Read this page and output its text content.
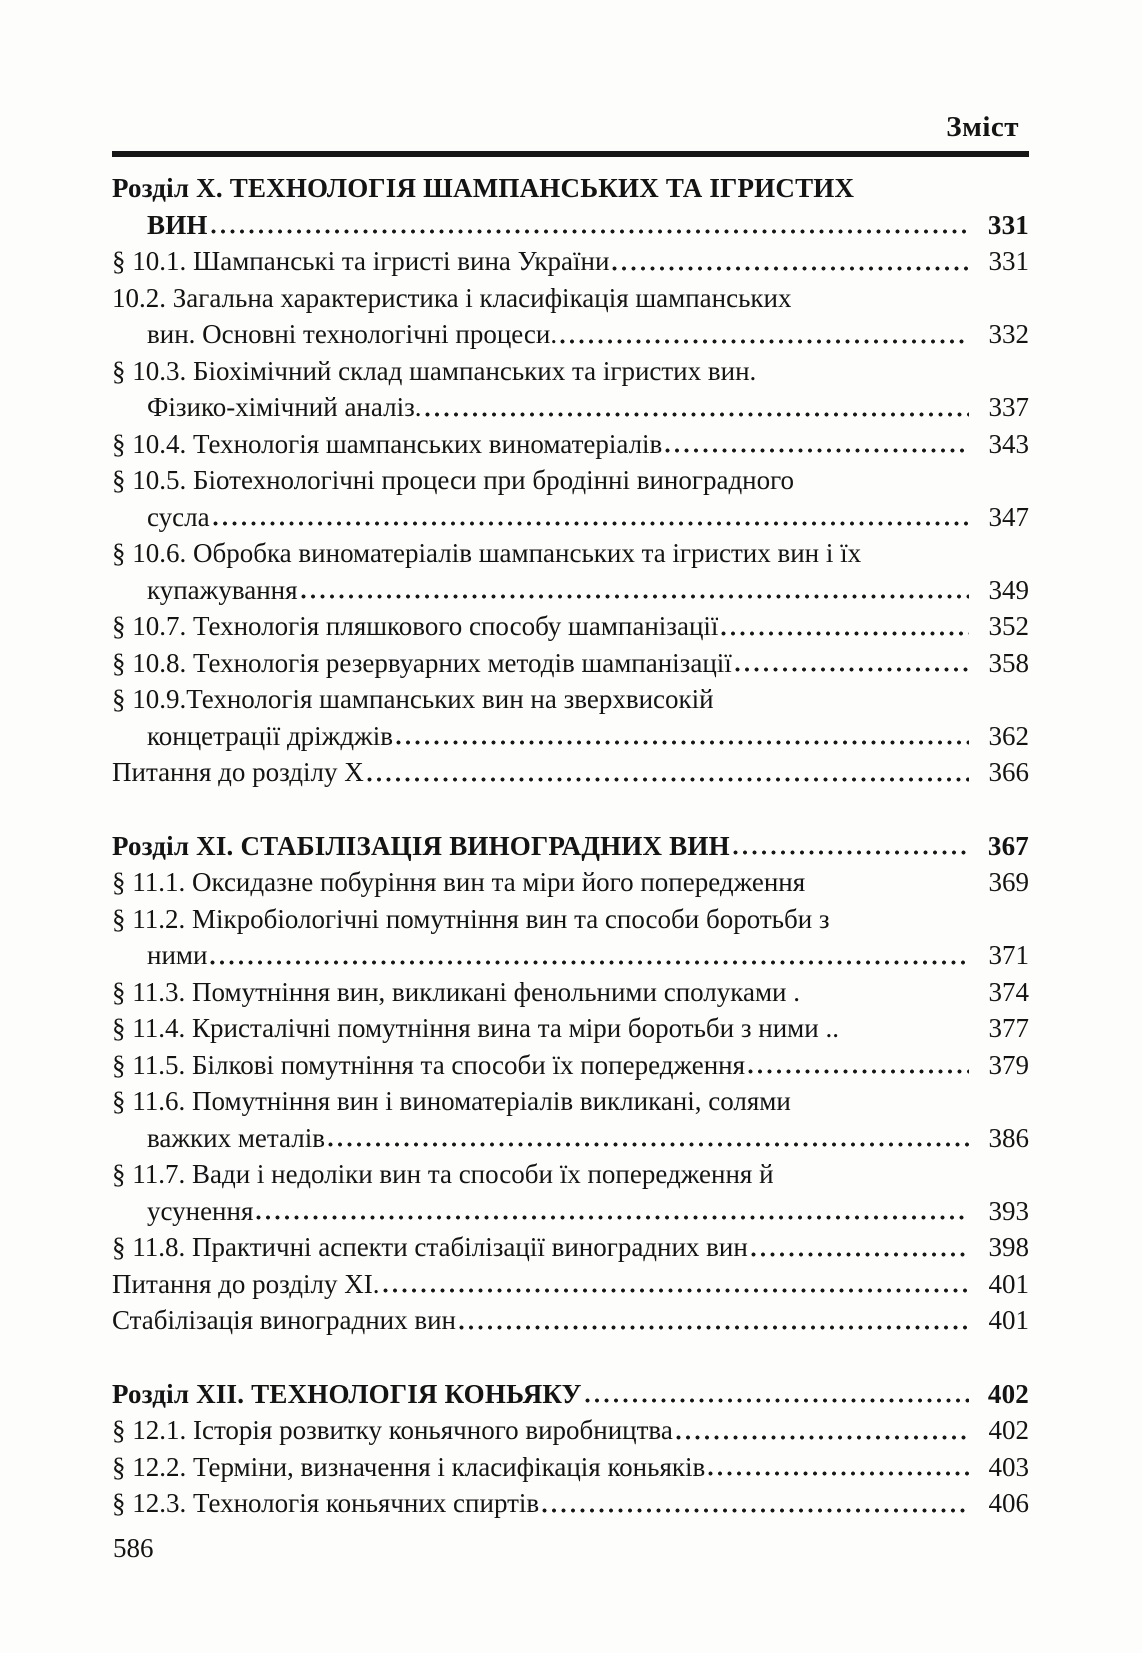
Зміст
Розділ X. ТЕХНОЛОГІЯ ШАМПАНСЬКИХ ТА ІГРИСТИХ
ВИН	331
§ 10.1. Шампанські та ігристі вина України	331
10.2. Загальна характеристика і класифікація шампанських
вин. Основні технологічні процеси.	332
§ 10.3. Біохімічний склад шампанських та ігристих вин.
Фізико-хімічний аналіз.	337
§ 10.4. Технологія шампанських виноматеріалів	343
§ 10.5. Біотехнологічні процеси при бродінні виноградного
сусла	347
§ 10.6. Обробка виноматеріалів шампанських та ігристих вин і їх
купажування	349
§ 10.7. Технологія пляшкового способу шампанізації	352
§ 10.8. Технологія резервуарних методів шампанізації	358
§ 10.9.Технологія шампанських вин на зверхвисокій
концетрації дріжджів	362
Питання до розділу X	366
Розділ XI. СТАБІЛІЗАЦІЯ ВИНОГРАДНИХ ВИН	367
§ 11.1. Оксидазне побуріння вин та міри його попередження	369
§ 11.2. Мікробіологічні помутніння вин та способи боротьби з
ними	371
§ 11.3. Помутніння вин, викликані фенольними сполуками .	374
§ 11.4. Кристалічні помутніння вина та міри боротьби з ними ..	377
§ 11.5. Білкові помутніння та способи їх попередження	379
§ 11.6. Помутніння вин і виноматеріалів викликані, солями
важких металів	386
§ 11.7. Вади і недоліки вин та способи їх попередження й
усунення	393
§ 11.8. Практичні аспекти стабілізації виноградних вин	398
Питання до розділу XI.	401
Стабілізація виноградних вин	401
Розділ XII. ТЕХНОЛОГІЯ КОНЬЯКУ	402
§ 12.1. Історія розвитку коньячного виробництва	402
§ 12.2. Терміни, визначення і класифікація коньяків	403
§ 12.3. Технологія коньячних спиртів	406
586
